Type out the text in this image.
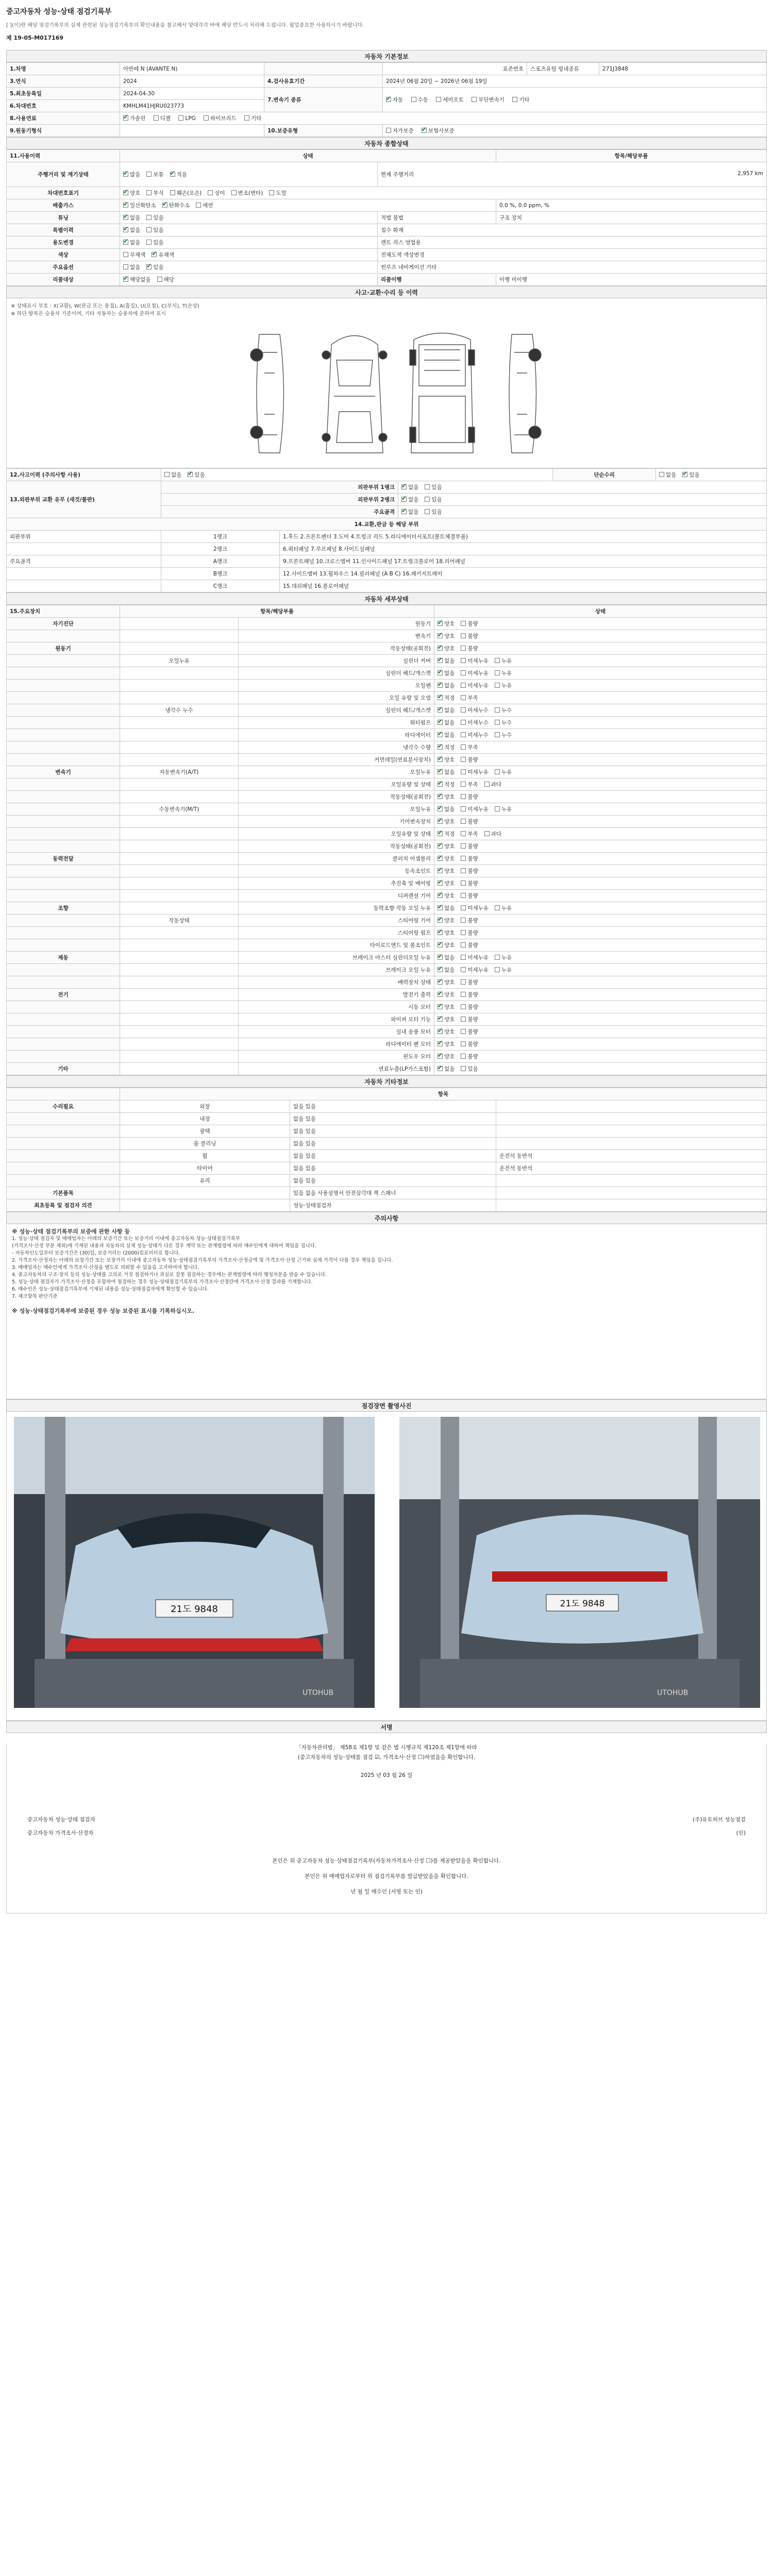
중고자동차 성능·상태 점검기록부
[ ](이)란 해당 점검기록부의 실제 관련된 성능점검기록부의 확인내용을 참고해서 양대각각 바에 해당 반드시 처리해 드립니다. 팝업중요한 사용하시기 바랍니다.
제 19-05-M017169
자동차 기본정보
1.차명	아반떼 N (AVANTE N)		표준번호	스포츠유틸 링네종류	271J3848
3.연식	2024	4.검사유효기간	2024년 06월 20일 ~ 2026년 06월 19일		
5.최초등록일	2024-04-30	7.변속기 종류	✔자동 수동 세미오토 무단변속기 기타
6.차대번호	KMHLM41HJRU023773				
8.사용연료	✔가솔린 디젤 LPG 하이브리드 기타
9.원동기형식		10.보증유형	자가보증 ✔ 보험사보증
자동차 종합상태
11.사용이력	상태		항목/해당부품
주행거리 및 계기상태	✔많음 보통 ✔ 적음	현재 주행거리 2,957 km	

차대번호표기	✔양호 부식 훼손(오손) 상이 변조(변타) 도말
배출가스	✔일산화탄소 ✔ 탄화수소 매연		0.0 %, 0.0 ppm, %
튜닝	✔없음 있음	적법 불법	구조 장치
특별이력	✔없음 있음	침수 화재	
용도변경	✔없음 있음	렌트 리스 영업용	
색상	무채색 ✔ 유채색	전체도색 색상변경	
주요옵션	없음 ✔ 있음	썬루프 네비게이션 기타	
리콜대상	✔해당없음 해당	리콜이행	이행 미이행
사고·교환·수리 등 이력
※ 상태표시 부호 : X(교환), W(판금 또는 용접), A(흠집), U(요철), C(부식), T(손상)
※ 하단 항목은 승용차 기준이며, 기타 자동차는 승용차에 준하여 표시
12.사고이력 (주의사항 사용)	없음 ✔ 있음			단순수리	없음 ✔ 있음
13.외판부위 교환 유무 (새것/폴판)	외판부위 1랭크	✔없음 있음
	외판부위 2랭크	✔없음 있음
	주요골격	✔없음 있음
14.교환,판금 등 해당 부위					
외판부위	1랭크	1.후드 2.프론트펜더 3.도어 4.트렁크 리드 5.라디에이터서포트(볼트체결부품)			
	2랭크	6.쿼터패널 7.루프패널 8.사이드실패널			
주요골격	A랭크	9.프론트패널 10.크로스멤버 11.인사이드패널 17.트렁크플로어 18.리어패널			
	B랭크	12.사이드멤버 13.휠하우스 14.필러패널 (A B C) 16.패키지트레이			
	C랭크	15.대쉬패널 16.플로어패널			
자동차 세부상태
15.주요장치	항목/해당부품		상태
자기진단		원동기	✔양호 불량
		변속기	✔양호 불량
원동기		작동상태(공회전)	✔양호 불량
	오일누유	실린더 커버	✔없음 미세누유 누유
		실린더 헤드/개스켓	✔없음 미세누유 누유
		오일팬	✔없음 미세누유 누유
		오일 유량 및 오염	✔적정 부족
	냉각수 누수	실린더 헤드/개스켓	✔없음 미세누수 누수
		워터펌프	✔없음 미세누수 누수
		라디에이터	✔없음 미세누수 누수
		냉각수 수량	✔적정 부족
		커먼레일(연료분사장치)	✔양호 불량
변속기	자동변속기(A/T)	오일누유	✔없음 미세누유 누유
		오일유량 및 상태	✔적정 부족 과다
		작동상태(공회전)	✔양호 불량
	수동변속기(M/T)	오일누유	✔없음 미세누유 누유
		기어변속장치	✔양호 불량
		오일유량 및 상태	✔적정 부족 과다
		작동상태(공회전)	✔양호 불량
동력전달		클러치 어셈블리	✔양호 불량
		등속조인트	✔양호 불량
		추진축 및 베어링	✔양호 불량
		디퍼렌셜 기어	✔양호 불량
조향		동력조향 작동 오일 누유	✔없음 미세누유 누유
	작동상태	스티어링 기어	✔양호 불량
		스티어링 펌프	✔양호 불량
		타이로드엔드 및 볼조인트	✔양호 불량
제동		브레이크 마스터 실린더오일 누유	✔없음 미세누유 누유
		브레이크 오일 누유	✔없음 미세누유 누유
		배력장치 상태	✔양호 불량
전기		발전기 출력	✔양호 불량
		시동 모터	✔양호 불량
		와이퍼 모터 기능	✔양호 불량
		실내 송풍 모터	✔양호 불량
		라디에이터 팬 모터	✔양호 불량
		윈도우 모터	✔양호 불량
기타		연료누출(LP가스포함)	✔없음 있음
자동차 기타정보
	항목		
수리필요	외장	없음 있음	
	내장	없음 있음	
	광택	없음 있음	
	룸 클리닝	없음 있음	
	휠	없음 있음	운전석 동반석
	타이어	없음 있음	운전석 동반석
	유리	없음 있음	
기본품목		있음 없음 사용설명서 안전삼각대 잭 스패너	
최초등록 및 점검자 의견		성능·상태점검자	
주의사항
※ 성능·상태 점검기록부의 보증에 관한 사항 등
1. 성능·상태 점검자 및 매매업자는 아래의 보증기간 또는 보증거리 이내에 중고자동차 성능·상태점검기록부
(가격조사·산정 부분 제외)에 기재된 내용과 자동차의 실제 성능·상태가 다른 경우 계약 또는 관계법령에 따라 매수인에게 대하여 책임을 집니다.
- 자동차인도일부터 보증기간은 (30)일, 보증거리는 (2000)킬로미터로 합니다.
2. 가격조사·산정자는 아래의 보장기간 또는 보장거리 이내에 중고자동차 성능·상태점검기록부의 가격조사·산정금액 및 가격조사·산정 근거와 실제 가격이 다를 경우 책임을 집니다.
3. 매매업자는 매수인에게 가격조사·산정을 별도로 의뢰할 수 있음을 고지하여야 합니다.
4. 중고자동차의 구조·장치 등의 성능·상태를 고의로 거짓 점검하거나 과실로 잘못 점검하는 경우에는 관계법령에 따라 행정처분을 받을 수 있습니다.
5. 성능·상태 점검자가 가격조사·산정을 포함하여 점검하는 경우 성능·상태점검기록부의 가격조사·산정란에 가격조사·산정 결과를 기재합니다.
6. 매수인은 성능·상태점검기록부에 기재된 내용을 성능·상태점검자에게 확인할 수 있습니다.
7. 체크항목 판단기준
※ 성능·상태점검기록부에 보증된 경우 성능 보증된 표시를 기록하십시오.
점검장면 촬영사진
21도 9848
UTOHUB
21도 9848
UTOHUB
서명
「자동차관리법」 제58조 제1항 및 같은 법 시행규칙 제120조 제1항에 따라
(중고자동차의 성능·상태를 점검 ☑, 가격조사·산정 ☐)하였음을 확인합니다.
2025 년 03 월 26 일
중고자동차 성능·상태 점검자	(주)유토허브 성능점검
중고자동차 가격조사·산정자	(인)
본인은 위 중고자동차 성능·상태점검기록부(자동차가격조사·산정 ☐)를 제공받았음을 확인합니다.
본인은 위 매매업자로부터 위 점검기록부를 발급받았음을 확인합니다.
년 월 일 매수인 (서명 또는 인)
